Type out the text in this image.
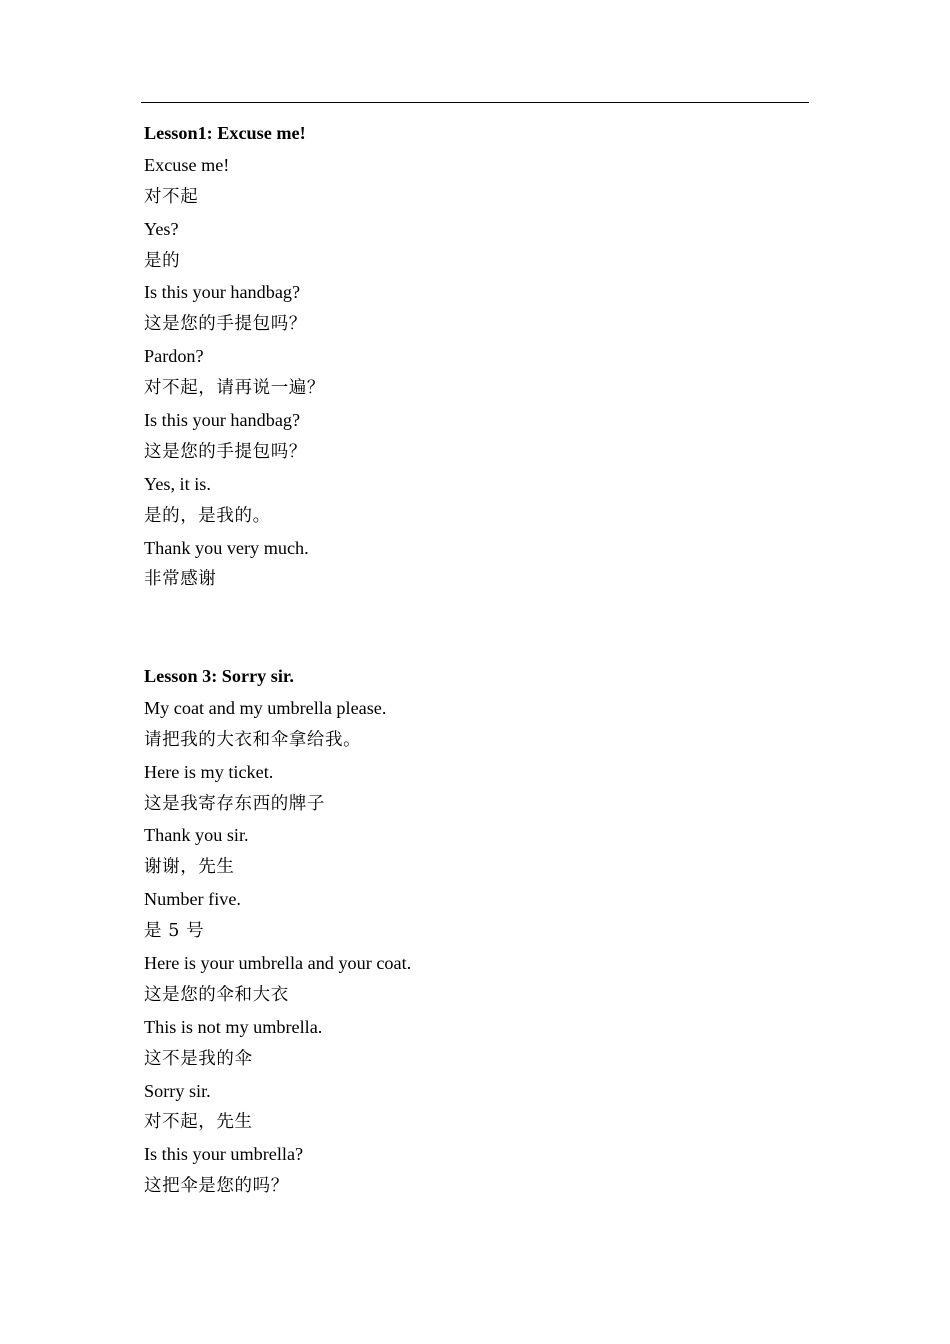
Lesson1: Excuse me!
Excuse me!
对不起
Yes?
是的
Is this your handbag?
这是您的手提包吗？
Pardon?
对不起，请再说一遍？
Is this your handbag?
这是您的手提包吗？
Yes, it is.
是的，是我的。
Thank you very much.
非常感谢
Lesson 3: Sorry sir.
My coat and my umbrella please.
请把我的大衣和伞拿给我。
Here is my ticket.
这是我寄存东西的牌子
Thank you sir.
谢谢，先生
Number five.
是 5 号
Here is your umbrella and your coat.
这是您的伞和大衣
This is not my umbrella.
这不是我的伞
Sorry sir.
对不起，先生
Is this your umbrella?
这把伞是您的吗？
